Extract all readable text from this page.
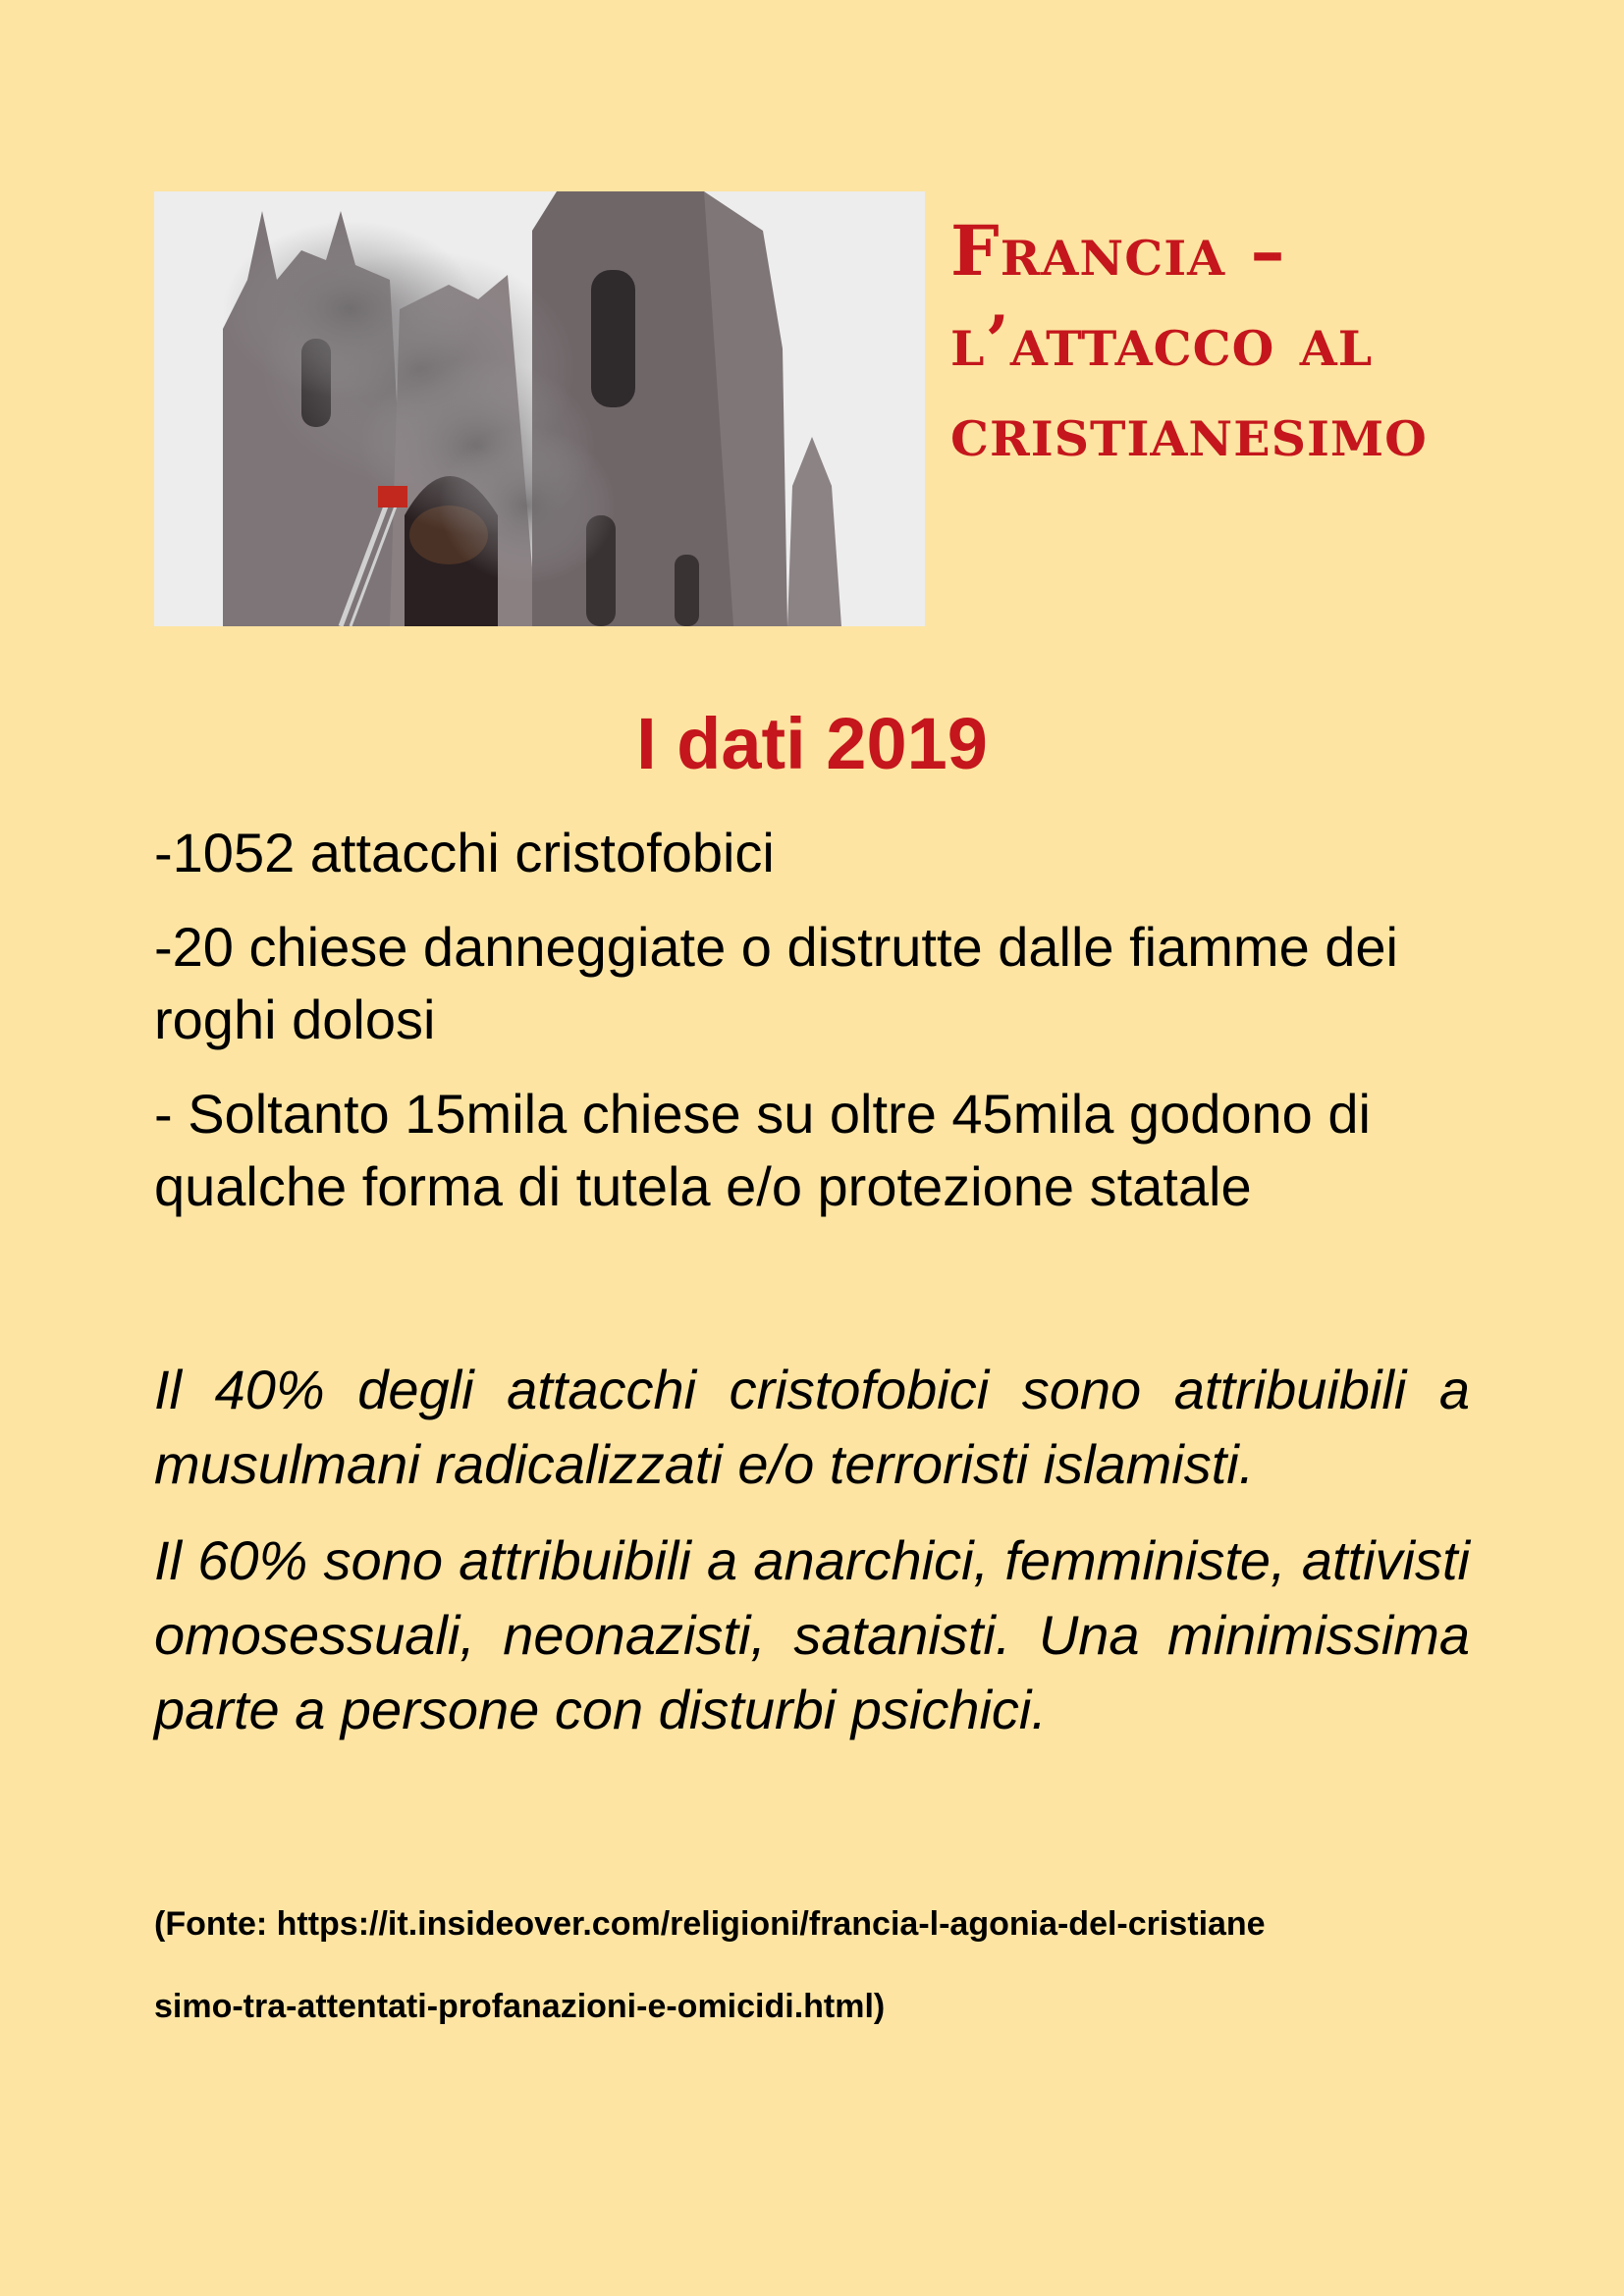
Francia –
l’attacco al
cristianesimo
I dati 2019

-1052 attacchi cristofobici

-20 chiese danneggiate o distrutte dalle fiamme dei roghi dolosi

- Soltanto 15mila chiese su oltre 45mila godono di qualche forma di tutela e/o protezione statale

Il 40% degli attacchi cristofobici sono attribuibili a musulmani radicalizzati e/o terroristi islamisti.

Il 60% sono attribuibili a anarchici, femministe, attivisti omosessuali, neonazisti, satanisti. Una minimissima parte a persone con disturbi psichici.

(Fonte: https://it.insideover.com/religioni/francia-l-agonia-del-cristiane
simo-tra-attentati-profanazioni-e-omicidi.html)
